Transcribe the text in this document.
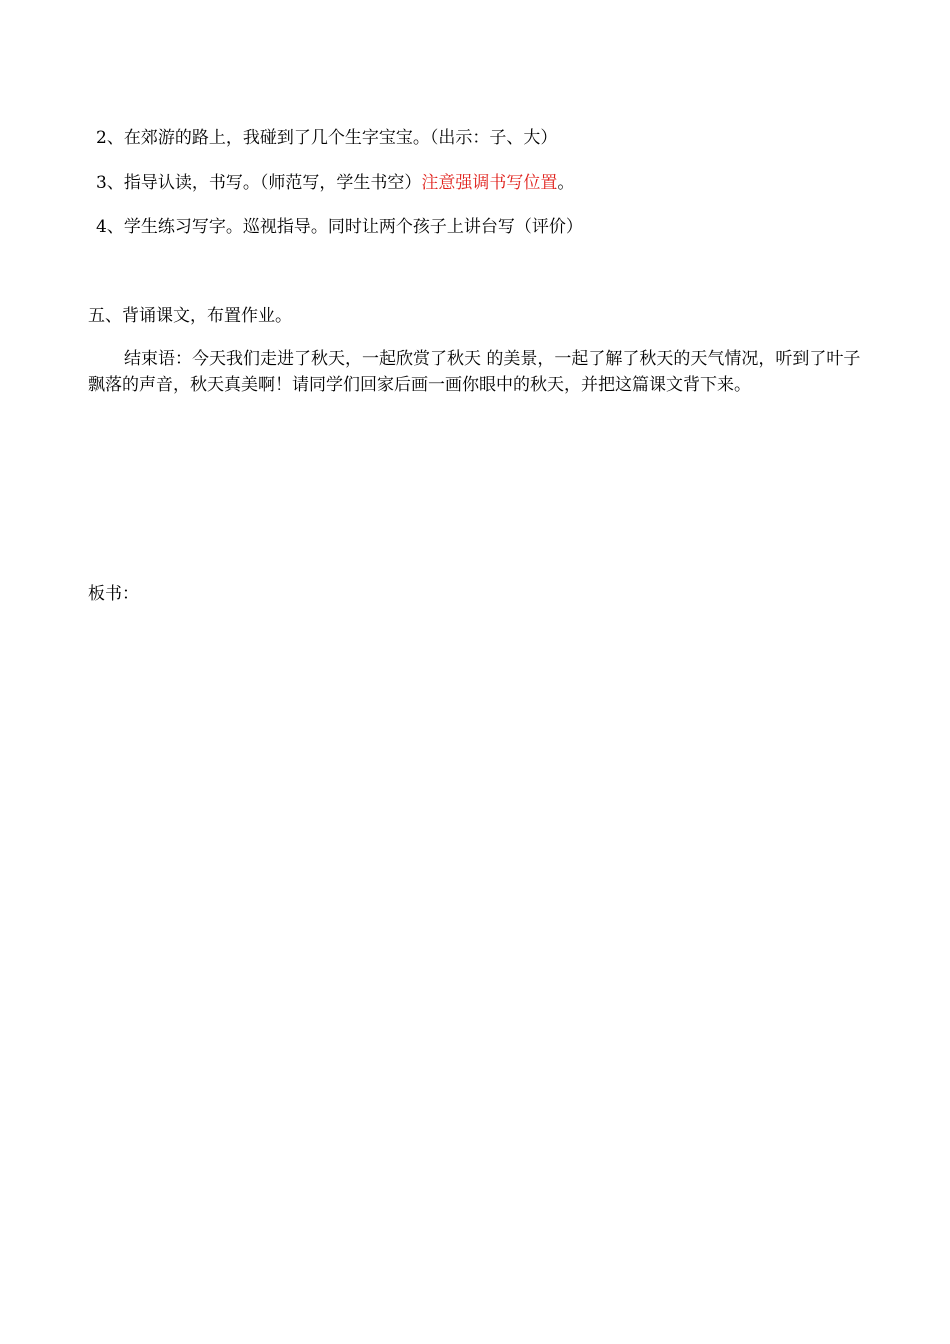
2、在郊游的路上，我碰到了几个生字宝宝。（出示：子、大）
3、指导认读，书写。（师范写，学生书空）注意强调书写位置。
4、学生练习写字。巡视指导。同时让两个孩子上讲台写（评价）
五、背诵课文，布置作业。
结束语：今天我们走进了秋天，一起欣赏了秋天 的美景，一起了解了秋天的天气情况，听到了叶子飘落的声音，秋天真美啊！请同学们回家后画一画你眼中的秋天，并把这篇课文背下来。
板书：
